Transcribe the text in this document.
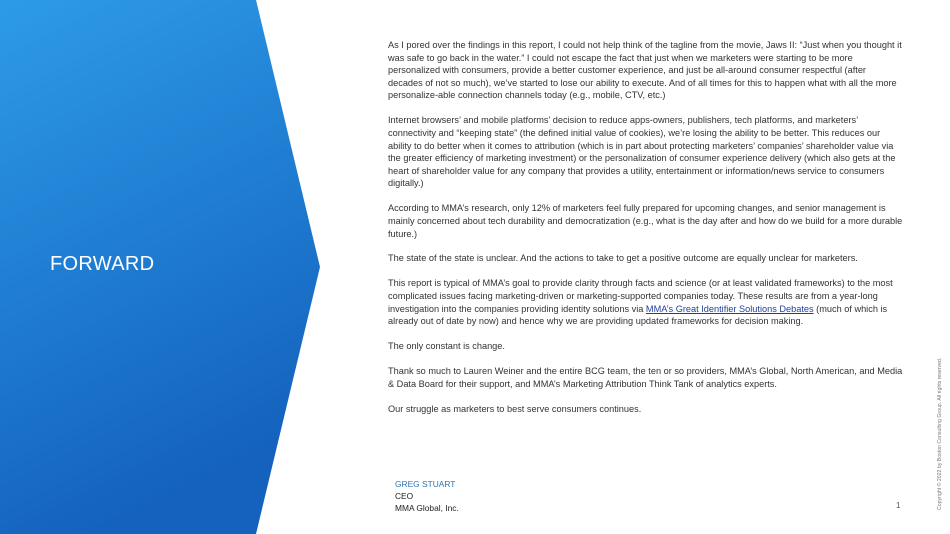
FORWARD

As I pored over the findings in this report, I could not help think of the tagline from the movie, Jaws II: “Just when you thought it was safe to go back in the water.” I could not escape the fact that just when we marketers were starting to be more personalized with consumers, provide a better customer experience, and just be all-around consumer respectful (after decades of not so much), we’ve started to lose our ability to execute. And of all times for this to happen what with all the more personalize-able connection channels today (e.g., mobile, CTV, etc.)

Internet browsers’ and mobile platforms’ decision to reduce apps-owners, publishers, tech platforms, and marketers’ connectivity and “keeping state” (the defined initial value of cookies), we’re losing the ability to be better. This reduces our ability to do better when it comes to attribution (which is in part about protecting marketers’ companies’ shareholder value via the greater efficiency of marketing investment) or the personalization of consumer experience delivery (which also gets at the heart of shareholder value for any company that provides a utility, entertainment or information/news service to consumers digitally.)

According to MMA’s research, only 12% of marketers feel fully prepared for upcoming changes, and senior management is mainly concerned about tech durability and democratization (e.g., what is the day after and how do we build for a more durable future.)

The state of the state is unclear. And the actions to take to get a positive outcome are equally unclear for marketers.

This report is typical of MMA’s goal to provide clarity through facts and science (or at least validated frameworks) to the most complicated issues facing marketing-driven or marketing-supported companies today. These results are from a year-long investigation into the companies providing identity solutions via MMA’s Great Identifier Solutions Debates (much of which is already out of date by now) and hence why we are providing updated frameworks for decision making.

The only constant is change.

Thank so much to Lauren Weiner and the entire BCG team, the ten or so providers, MMA’s Global, North American, and Media & Data Board for their support, and MMA’s Marketing Attribution Think Tank of analytics experts.

Our struggle as marketers to best serve consumers continues.

GREG STUART
CEO
MMA Global, Inc.	1	Copyright © 2022 by Boston Consulting Group. All rights reserved.
